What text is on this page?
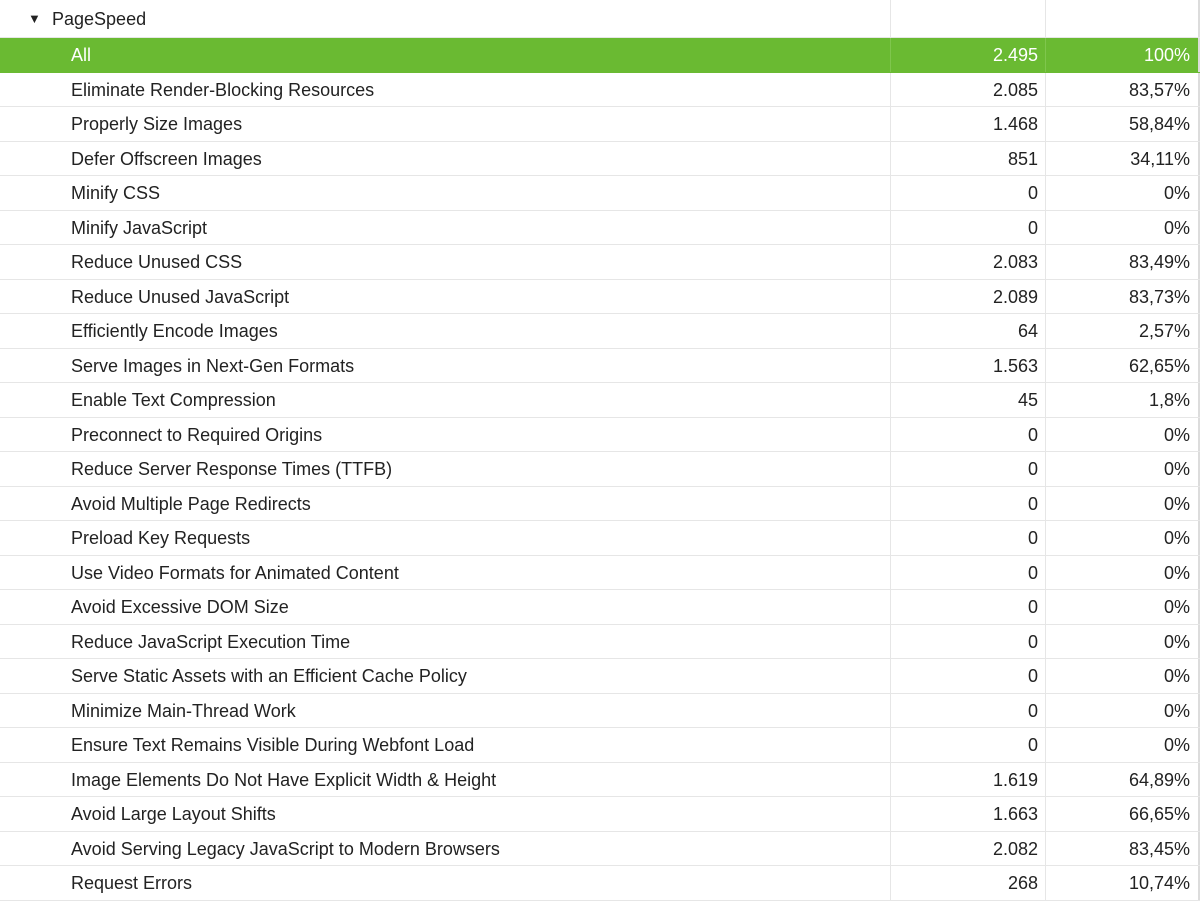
▼ PageSpeed
All	2.495	100%
Eliminate Render-Blocking Resources	2.085	83,57%
Properly Size Images	1.468	58,84%
Defer Offscreen Images	851	34,11%
Minify CSS	0	0%
Minify JavaScript	0	0%
Reduce Unused CSS	2.083	83,49%
Reduce Unused JavaScript	2.089	83,73%
Efficiently Encode Images	64	2,57%
Serve Images in Next-Gen Formats	1.563	62,65%
Enable Text Compression	45	1,8%
Preconnect to Required Origins	0	0%
Reduce Server Response Times (TTFB)	0	0%
Avoid Multiple Page Redirects	0	0%
Preload Key Requests	0	0%
Use Video Formats for Animated Content	0	0%
Avoid Excessive DOM Size	0	0%
Reduce JavaScript Execution Time	0	0%
Serve Static Assets with an Efficient Cache Policy	0	0%
Minimize Main-Thread Work	0	0%
Ensure Text Remains Visible During Webfont Load	0	0%
Image Elements Do Not Have Explicit Width & Height	1.619	64,89%
Avoid Large Layout Shifts	1.663	66,65%
Avoid Serving Legacy JavaScript to Modern Browsers	2.082	83,45%
Request Errors	268	10,74%
